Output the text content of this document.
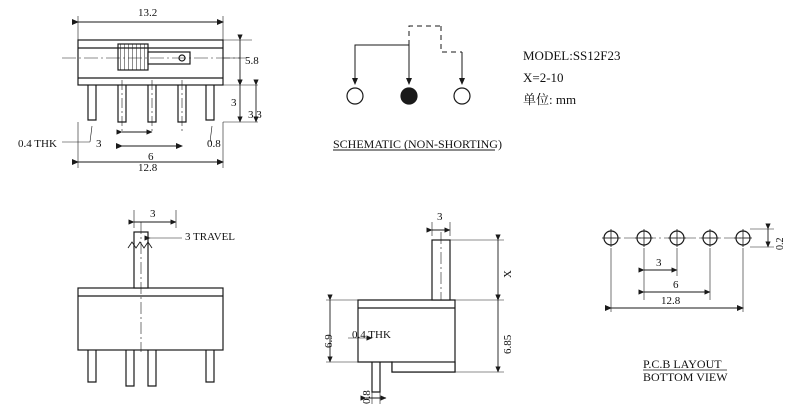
MODEL:SS12F23
X=2-10
单位: mm
SCHEMATIC (NON-SHORTING)
13.2
12.8
5.8
3
3.3
3
6
0.8
0.4 THK
3
3 TRAVEL
3
X
6.85
6.9 0.4 THK
0.8
3
6
12.8
0.2
P.C.B LAYOUT
BOTTOM VIEW
